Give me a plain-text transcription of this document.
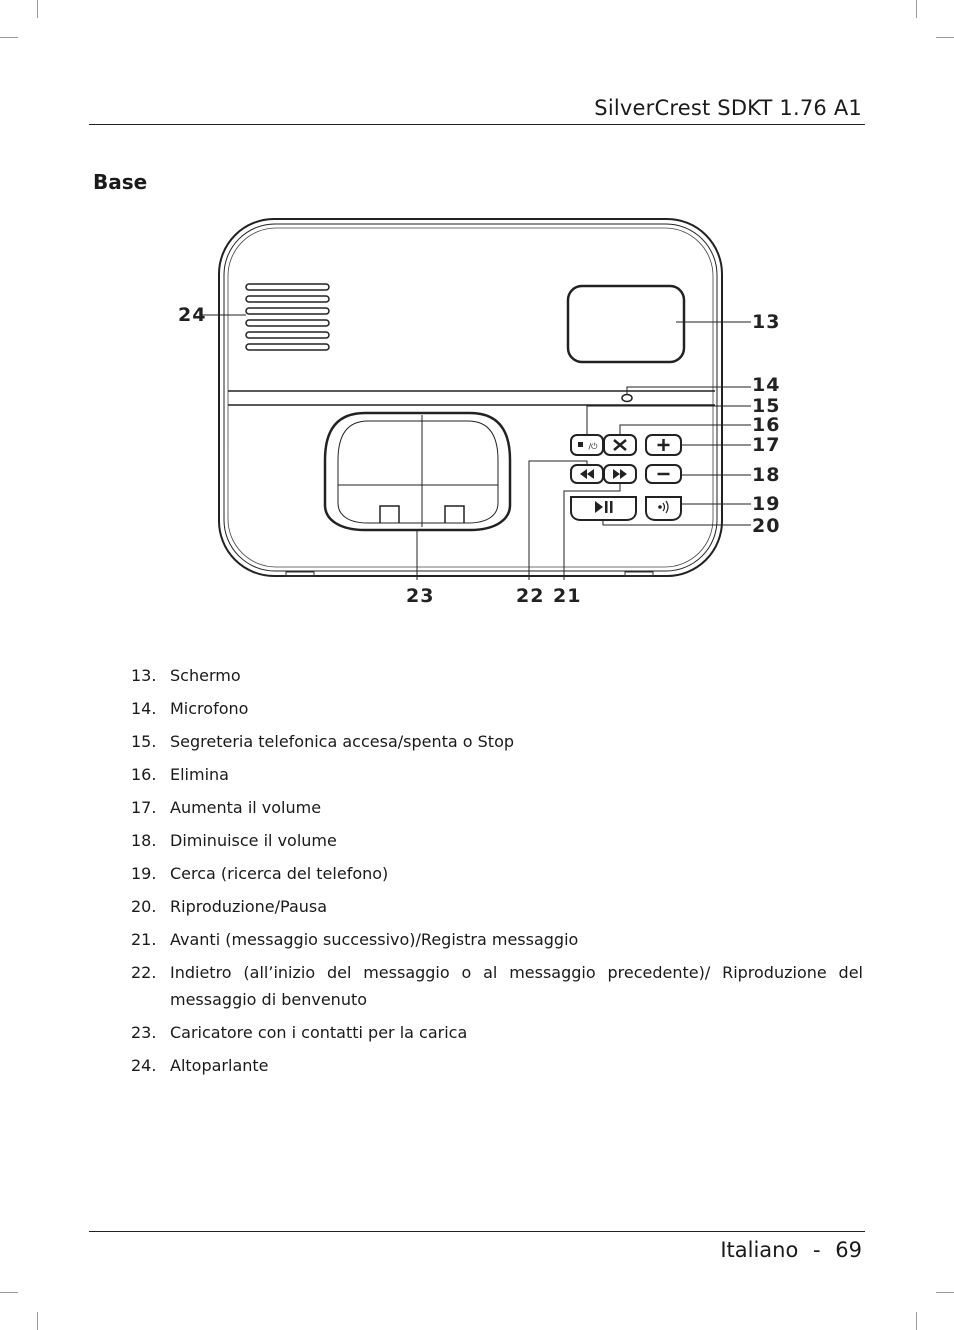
SilverCrest SDKT 1.76 A1
Base
/⏻
24	13
14
15
16
17
18
19
20
23	22 21
13. Schermo
14. Microfono
15. Segreteria telefonica accesa/spenta o Stop
16. Elimina
17. Aumenta il volume
18. Diminuisce il volume
19. Cerca (ricerca del telefono)
20. Riproduzione/Pausa
21. Avanti (messaggio successivo)/Registra messaggio
22. Indietro (all’inizio del messaggio o al messaggio precedente)/ Riproduzione del messaggio di benvenuto
23. Caricatore con i contatti per la carica
24. Altoparlante
Italiano - 69
